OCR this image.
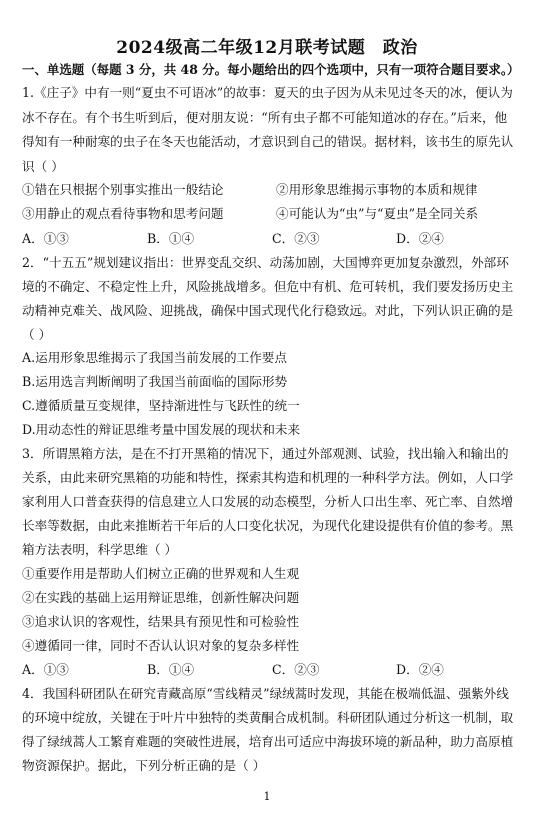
2024级高二年级12月联考试题　政治
一、单选题（每题 3 分，共 48 分。每小题给出的四个选项中，只有一项符合题目要求。）
1.《庄子》中有一则“夏虫不可语冰”的故事：夏天的虫子因为从未见过冬天的冰，便认为
冰不存在。有个书生听到后，便对朋友说：“所有虫子都不可能知道冰的存在。”后来，他
得知有一种耐寒的虫子在冬天也能活动，才意识到自己的错误。据材料，该书生的原先认
识（ ）
①错在只根据个别事实推出一般结论	②用形象思维揭示事物的本质和规律
③用静止的观点看待事物和思考问题	④可能认为“虫”与“夏虫”是全同关系
A．①③	B．①④	C．②③	D．②④
2．“十五五”规划建议指出：世界变乱交织、动荡加剧，大国博弈更加复杂激烈，外部环
境的不确定、不稳定性上升，风险挑战增多。但危中有机、危可转机，我们要发扬历史主
动精神克难关、战风险、迎挑战，确保中国式现代化行稳致远。对此，下列认识正确的是
（ ）
A.运用形象思维揭示了我国当前发展的工作要点
B.运用选言判断阐明了我国当前面临的国际形势
C.遵循质量互变规律，坚持渐进性与飞跃性的统一
D.用动态性的辩证思维考量中国发展的现状和未来
3．所谓黑箱方法，是在不打开黑箱的情况下，通过外部观测、试验，找出输入和输出的
关系，由此来研究黑箱的功能和特性，探索其构造和机理的一种科学方法。例如，人口学
家利用人口普查获得的信息建立人口发展的动态模型，分析人口出生率、死亡率、自然增
长率等数据，由此来推断若干年后的人口变化状况，为现代化建设提供有价值的参考。黑
箱方法表明，科学思维（ ）
①重要作用是帮助人们树立正确的世界观和人生观
②在实践的基础上运用辩证思维，创新性解决问题
③追求认识的客观性，结果具有预见性和可检验性
④遵循同一律，同时不否认认识对象的复杂多样性
A．①③	B．①④	C．②③	D．②④
4．我国科研团队在研究青藏高原“雪线精灵”绿绒蒿时发现，其能在极端低温、强紫外线
的环境中绽放，关键在于叶片中独特的类黄酮合成机制。科研团队通过分析这一机制，取
得了绿绒蒿人工繁育难题的突破性进展，培育出可适应中海拔环境的新品种，助力高原植
物资源保护。据此，下列分析正确的是（ ）
1
